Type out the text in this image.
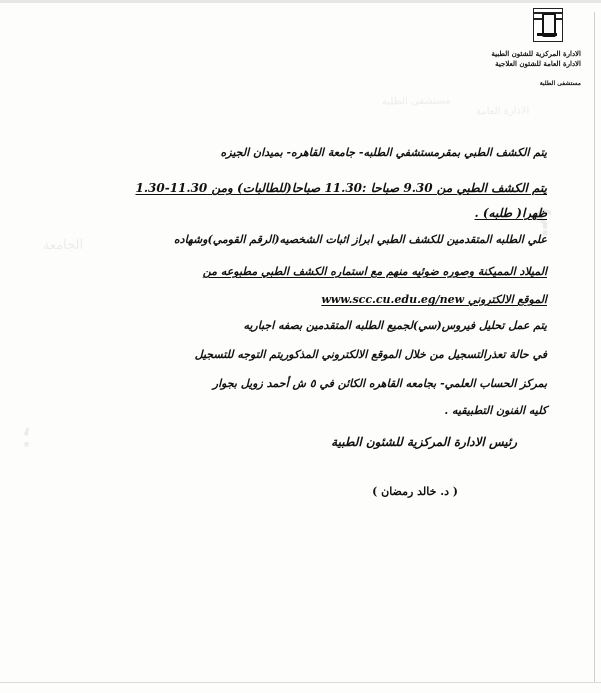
مستشفى الطلبة
الادارة العامة
؟
؛
الجامعة
الادارة المركزية للشئون الطبية
الادارة العامة للشئون العلاجية
مستشفى الطلبة
يتم الكشف الطبي بمقرمستشفي الطلبه- جامعة القاهره- بميدان الجيزه
يتم الكشف الطبي من 9.30 صباحا :11.30 صباحا(للطالبات) ومن 11.30-1.30
ظهرا( طلبه) .
علي الطلبه المتقدمين للكشف الطبي ابراز اثبات الشخصيه(الرقم القومي)وشهاده
الميلاد المميكنة وصوره ضوئيه منهم مع استماره الكشف الطبي مطبوعه من
الموقع الالكتروني www.scc.cu.edu.eg/new
يتم عمل تحليل فيروس(سي)لجميع الطلبه المتقدمين بصفه اجباريه
في حالة تعذرالتسجيل من خلال الموقع الالكتروني المذكوريتم التوجه للتسجيل
بمركز الحساب العلمي- بجامعه القاهره الكائن في ٥ ش أحمد زويل بجوار
كليه الفنون التطبيقيه .
رئيس الادارة المركزية للشئون الطبية
( د. خالد رمضان )
